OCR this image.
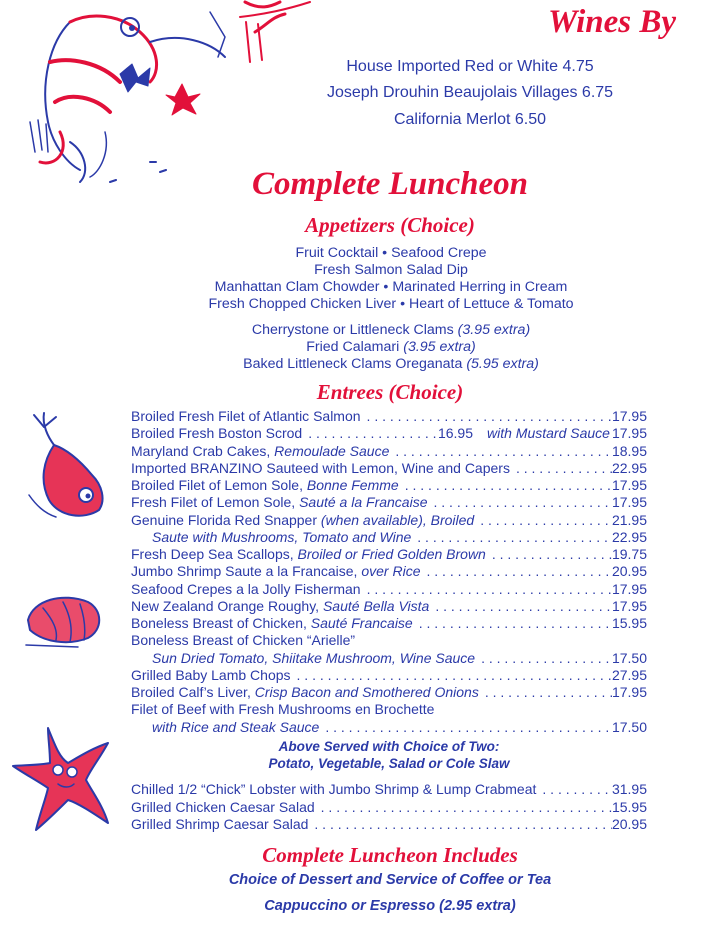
Wines By
House Imported Red or White 4.75
Joseph Drouhin Beaujolais Villages 6.75
California Merlot 6.50
Complete Luncheon
Appetizers (Choice)
Fruit Cocktail • Seafood Crepe
Fresh Salmon Salad Dip
Manhattan Clam Chowder • Marinated Herring in Cream
Fresh Chopped Chicken Liver • Heart of Lettuce & Tomato
Cherrystone or Littleneck Clams (3.95 extra)
Fried Calamari (3.95 extra)
Baked Littleneck Clams Oreganata (5.95 extra)
Entrees (Choice)
Broiled Fresh Filet of Atlantic Salmon . . .	17.95
Broiled Fresh Boston Scrod . . .	16.95	with Mustard Sauce 17.95
Maryland Crab Cakes, Remouladе Sauce . . .	18.95
Imported BRANZINO Sauteed with Lemon, Wine and Capers . . .	22.95
Broiled Filet of Lemon Sole, Bonne Femme . . .	17.95
Fresh Filet of Lemon Sole, Sauté a la Francaise . . .	17.95
Genuine Florida Red Snapper (when available), Broiled . . .	21.95
Saute with Mushrooms, Tomato and Wine . . .	22.95
Fresh Deep Sea Scallops, Broiled or Fried Golden Brown . . .	19.75
Jumbo Shrimp Saute a la Francaise, over Rice . . .	20.95
Seafood Crepes a la Jolly Fisherman . . .	17.95
New Zealand Orange Roughy, Sauté Bella Vista . . .	17.95
Boneless Breast of Chicken, Sauté Francaise . . .	15.95
Boneless Breast of Chicken “Arielle”
Sun Dried Tomato, Shiitake Mushroom, Wine Sauce . . .	17.50
Grilled Baby Lamb Chops . . .	27.95
Broiled Calf’s Liver, Crisp Bacon and Smothered Onions . . .	17.95
Filet of Beef with Fresh Mushrooms en Brochette
with Rice and Steak Sauce . . .	17.50
Above Served with Choice of Two:
Potato, Vegetable, Salad or Cole Slaw
Chilled 1/2 “Chick” Lobster with Jumbo Shrimp & Lump Crabmeat . . .	31.95
Grilled Chicken Caesar Salad . . .	15.95
Grilled Shrimp Caesar Salad . . .	20.95
Complete Luncheon Includes
Choice of Dessert and Service of Coffee or Tea
Cappuccino or Espresso (2.95 extra)
